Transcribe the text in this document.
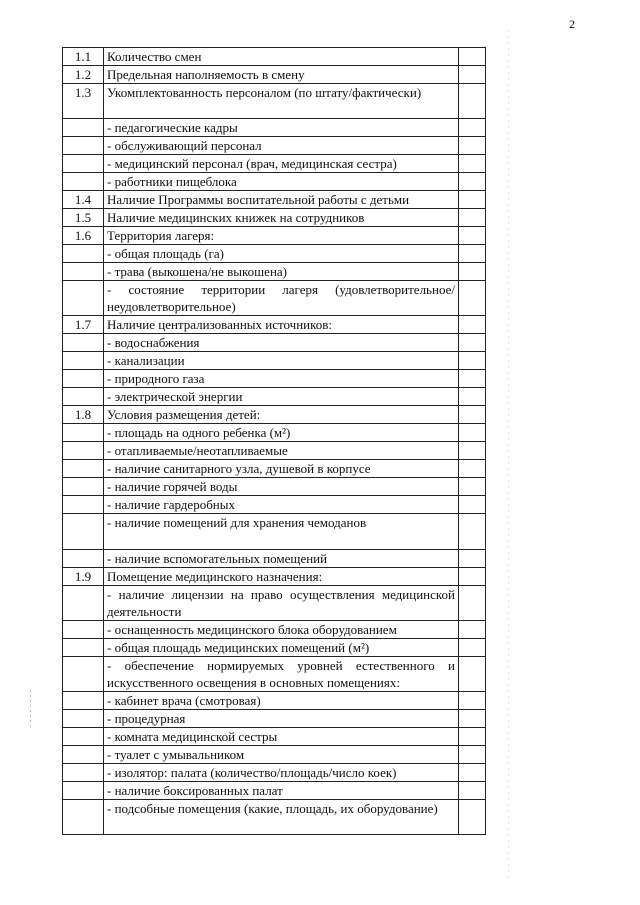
2
1.1	Количество смен	
1.2	Предельная наполняемость в смену	
1.3	Укомплектованность персоналом (по штату/фактически)	
	- педагогические кадры	
	- обслуживающий персонал	
	- медицинский персонал (врач, медицинская сестра)	
	- работники пищеблока	
1.4	Наличие Программы воспитательной работы с детьми	
1.5	Наличие медицинских книжек на сотрудников	
1.6	Территория лагеря:	
	- общая площадь (га)	
	- трава (выкошена/не выкошена)	
	- состояние территории лагеря (удовлетворительное/неудовлетворительное)	
1.7	Наличие централизованных источников:	
	- водоснабжения	
	- канализации	
	- природного газа	
	- электрической энергии	
1.8	Условия размещения детей:	
	- площадь на одного ребенка (м²)	
	- отапливаемые/неотапливаемые	
	- наличие санитарного узла, душевой в корпусе	
	- наличие горячей воды	
	- наличие гардеробных	
	- наличие помещений для хранения чемоданов	
	- наличие вспомогательных помещений	
1.9	Помещение медицинского назначения:	
	- наличие лицензии на право осуществления медицинской деятельности	
	- оснащенность медицинского блока оборудованием	
	- общая площадь медицинских помещений (м²)	
	- обеспечение нормируемых уровней естественного и искусственного освещения в основных помещениях:	
	- кабинет врача (смотровая)	
	- процедурная	
	- комната медицинской сестры	
	- туалет с умывальником	
	- изолятор: палата (количество/площадь/число коек)	
	- наличие боксированных палат	
	- подсобные помещения (какие, площадь, их оборудование)	
